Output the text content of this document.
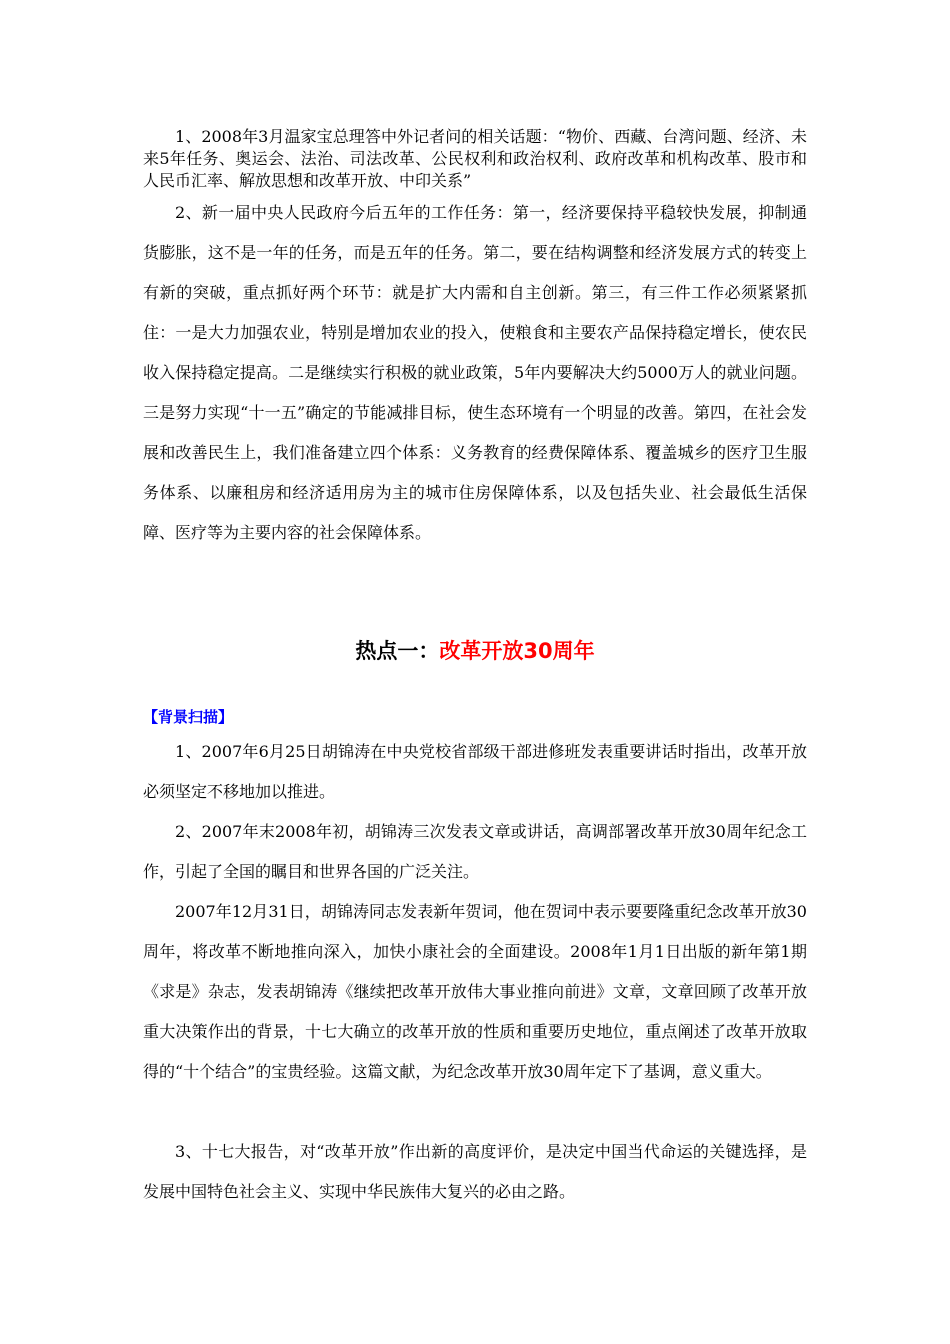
1、2008年3月温家宝总理答中外记者问的相关话题：“物价、西藏、台湾问题、经济、未来5年任务、奥运会、法治、司法改革、公民权利和政治权利、政府改革和机构改革、股市和人民币汇率、解放思想和改革开放、中印关系”

2、新一届中央人民政府今后五年的工作任务：第一，经济要保持平稳较快发展，抑制通货膨胀，这不是一年的任务，而是五年的任务。第二，要在结构调整和经济发展方式的转变上有新的突破，重点抓好两个环节：就是扩大内需和自主创新。第三，有三件工作必须紧紧抓住：一是大力加强农业，特别是增加农业的投入，使粮食和主要农产品保持稳定增长，使农民收入保持稳定提高。二是继续实行积极的就业政策，5年内要解决大约5000万人的就业问题。三是努力实现“十一五”确定的节能减排目标，使生态环境有一个明显的改善。第四，在社会发展和改善民生上，我们准备建立四个体系：义务教育的经费保障体系、覆盖城乡的医疗卫生服务体系、以廉租房和经济适用房为主的城市住房保障体系，以及包括失业、社会最低生活保障、医疗等为主要内容的社会保障体系。

热点一：改革开放30周年

【背景扫描】

1、2007年6月25日胡锦涛在中央党校省部级干部进修班发表重要讲话时指出，改革开放必须坚定不移地加以推进。

2、2007年末2008年初，胡锦涛三次发表文章或讲话，高调部署改革开放30周年纪念工作，引起了全国的瞩目和世界各国的广泛关注。

2007年12月31日，胡锦涛同志发表新年贺词，他在贺词中表示要要隆重纪念改革开放30周年，将改革不断地推向深入，加快小康社会的全面建设。2008年1月1日出版的新年第1期《求是》杂志，发表胡锦涛《继续把改革开放伟大事业推向前进》文章，文章回顾了改革开放重大决策作出的背景，十七大确立的改革开放的性质和重要历史地位，重点阐述了改革开放取得的“十个结合”的宝贵经验。这篇文献，为纪念改革开放30周年定下了基调，意义重大。

3、十七大报告，对“改革开放”作出新的高度评价，是决定中国当代命运的关键选择，是发展中国特色社会主义、实现中华民族伟大复兴的必由之路。
